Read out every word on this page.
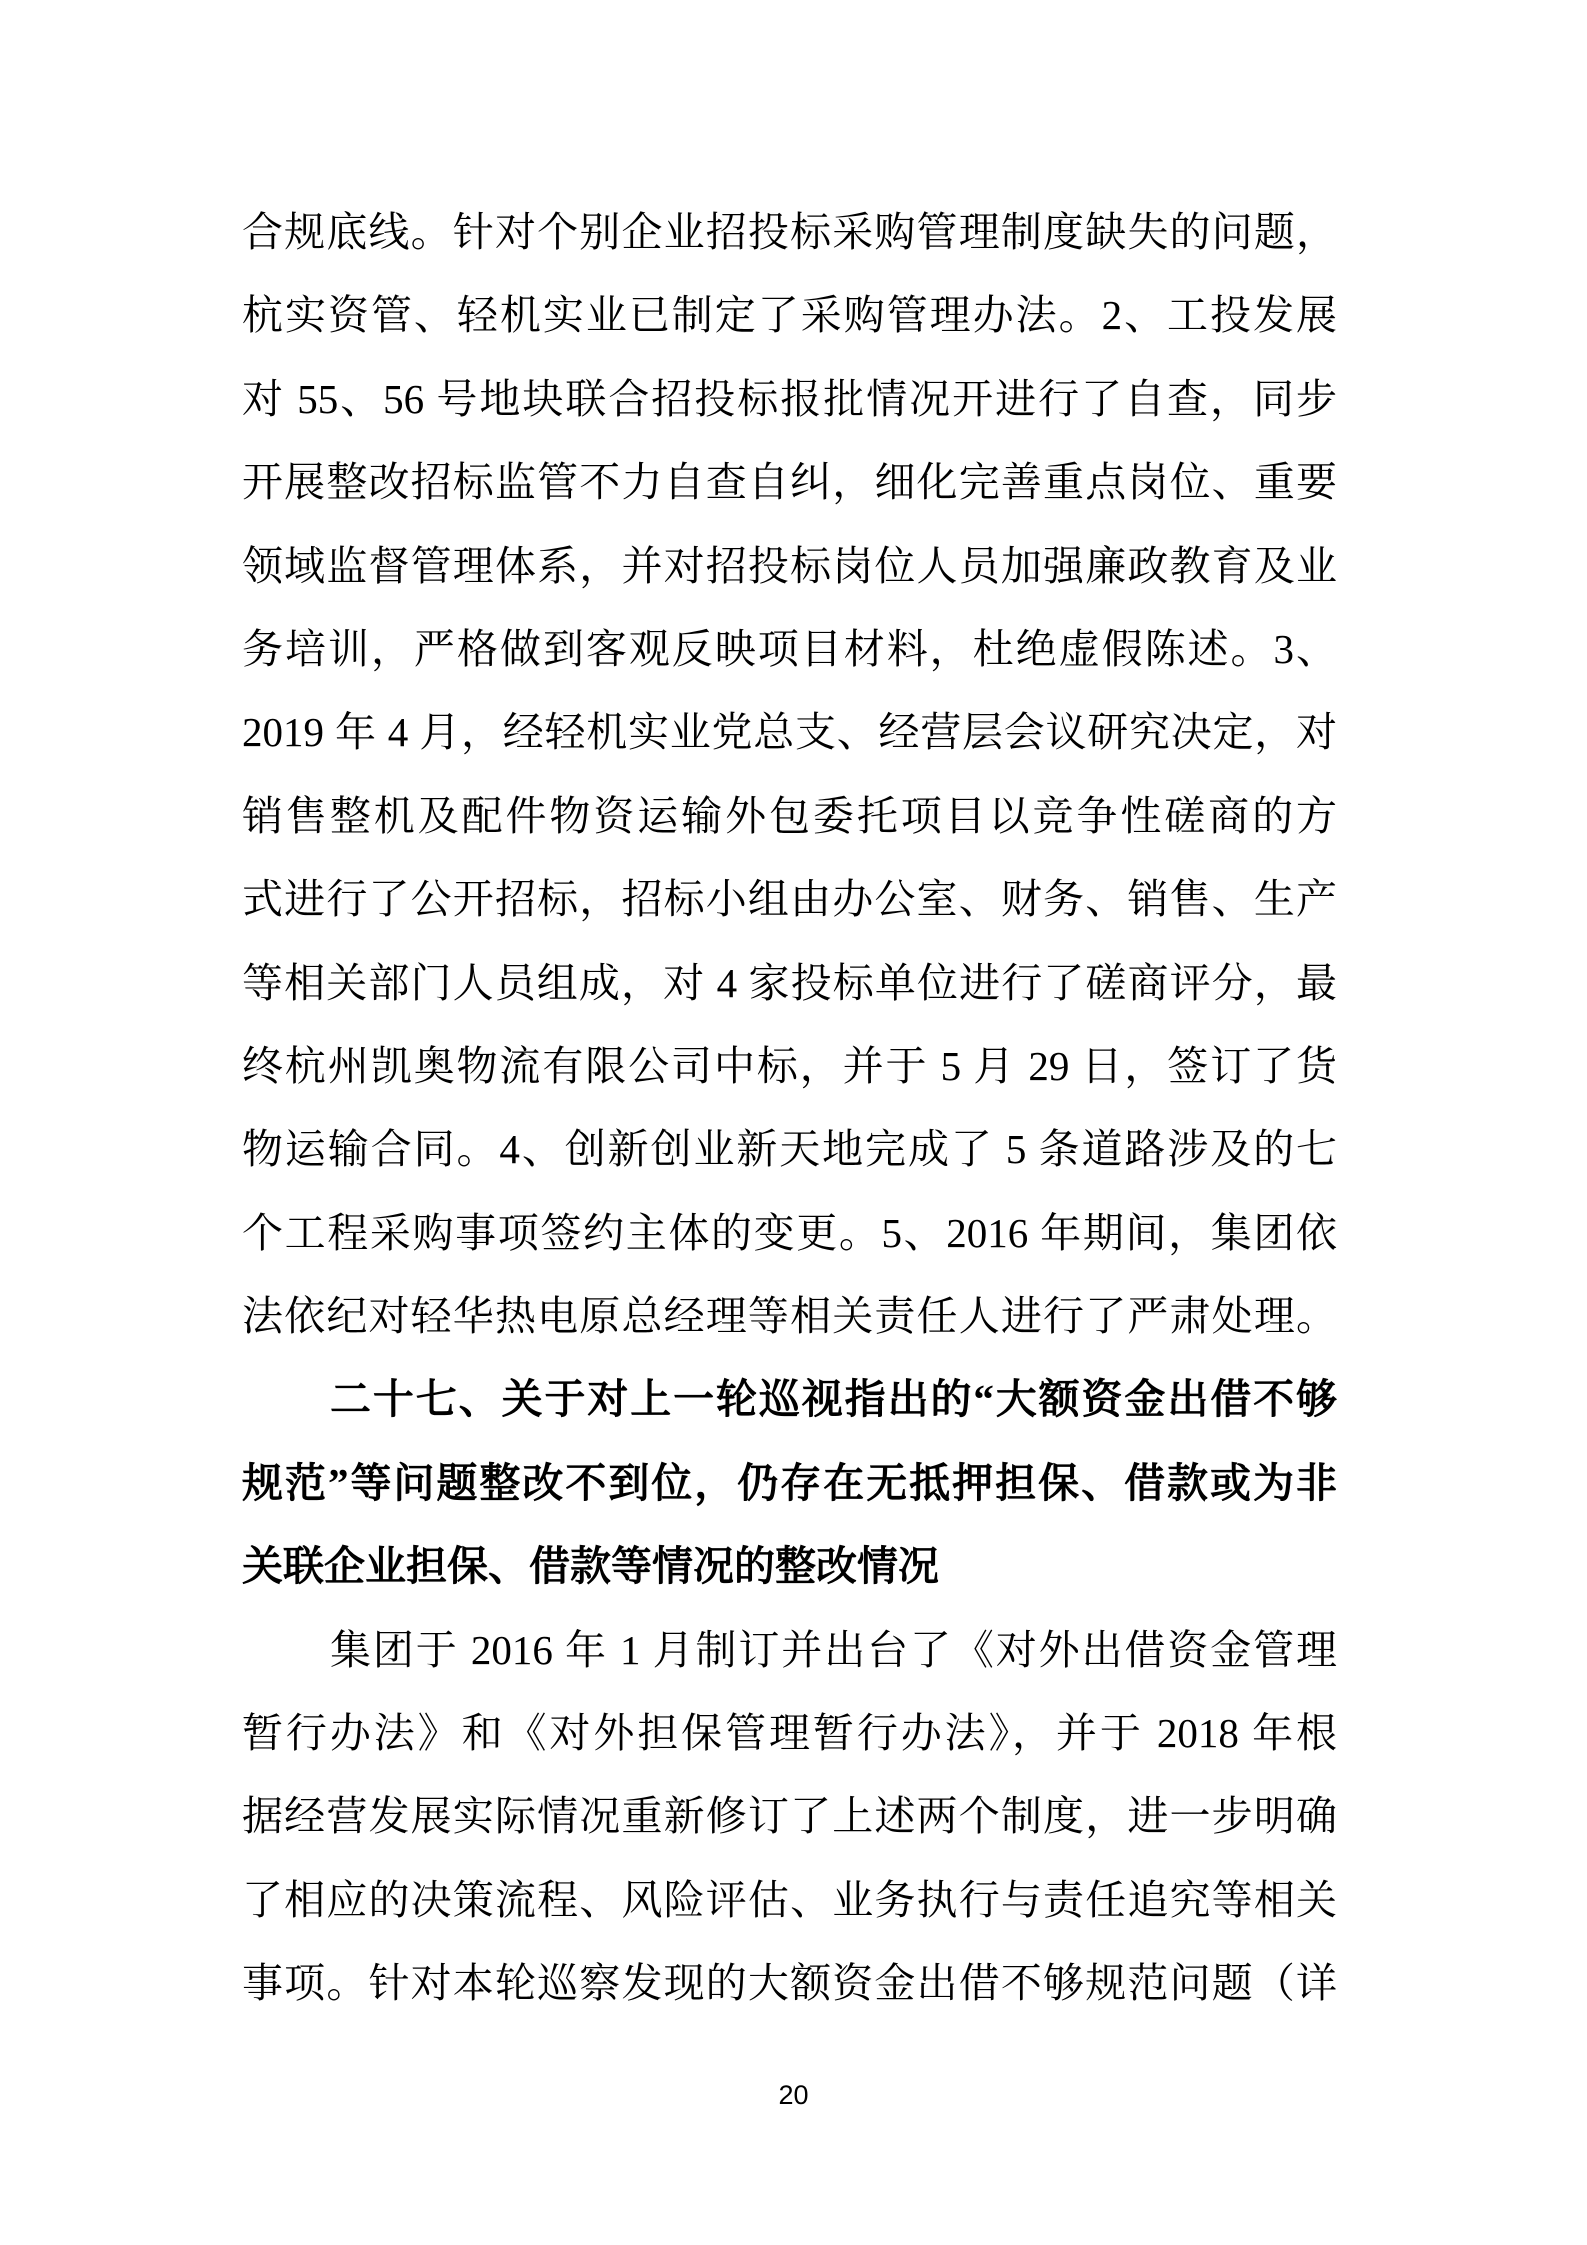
合规底线。针对个别企业招投标采购管理制度缺失的问题，
杭实资管、轻机实业已制定了采购管理办法。2、工投发展
对 55、56 号地块联合招投标报批情况开进行了自查，同步
开展整改招标监管不力自查自纠，细化完善重点岗位、重要
领域监督管理体系，并对招投标岗位人员加强廉政教育及业
务培训，严格做到客观反映项目材料，杜绝虚假陈述。3、
2019 年 4 月，经轻机实业党总支、经营层会议研究决定，对
销售整机及配件物资运输外包委托项目以竞争性磋商的方
式进行了公开招标，招标小组由办公室、财务、销售、生产
等相关部门人员组成，对 4 家投标单位进行了磋商评分，最
终杭州凯奥物流有限公司中标，并于 5 月 29 日，签订了货
物运输合同。4、创新创业新天地完成了 5 条道路涉及的七
个工程采购事项签约主体的变更。5、2016 年期间，集团依
法依纪对轻华热电原总经理等相关责任人进行了严肃处理。
二十七、关于对上一轮巡视指出的“大额资金出借不够
规范”等问题整改不到位，仍存在无抵押担保、借款或为非
关联企业担保、借款等情况的整改情况
集团于 2016 年 1 月制订并出台了《对外出借资金管理
暂行办法》和《对外担保管理暂行办法》，并于 2018 年根
据经营发展实际情况重新修订了上述两个制度，进一步明确
了相应的决策流程、风险评估、业务执行与责任追究等相关
事项。针对本轮巡察发现的大额资金出借不够规范问题（详
20
